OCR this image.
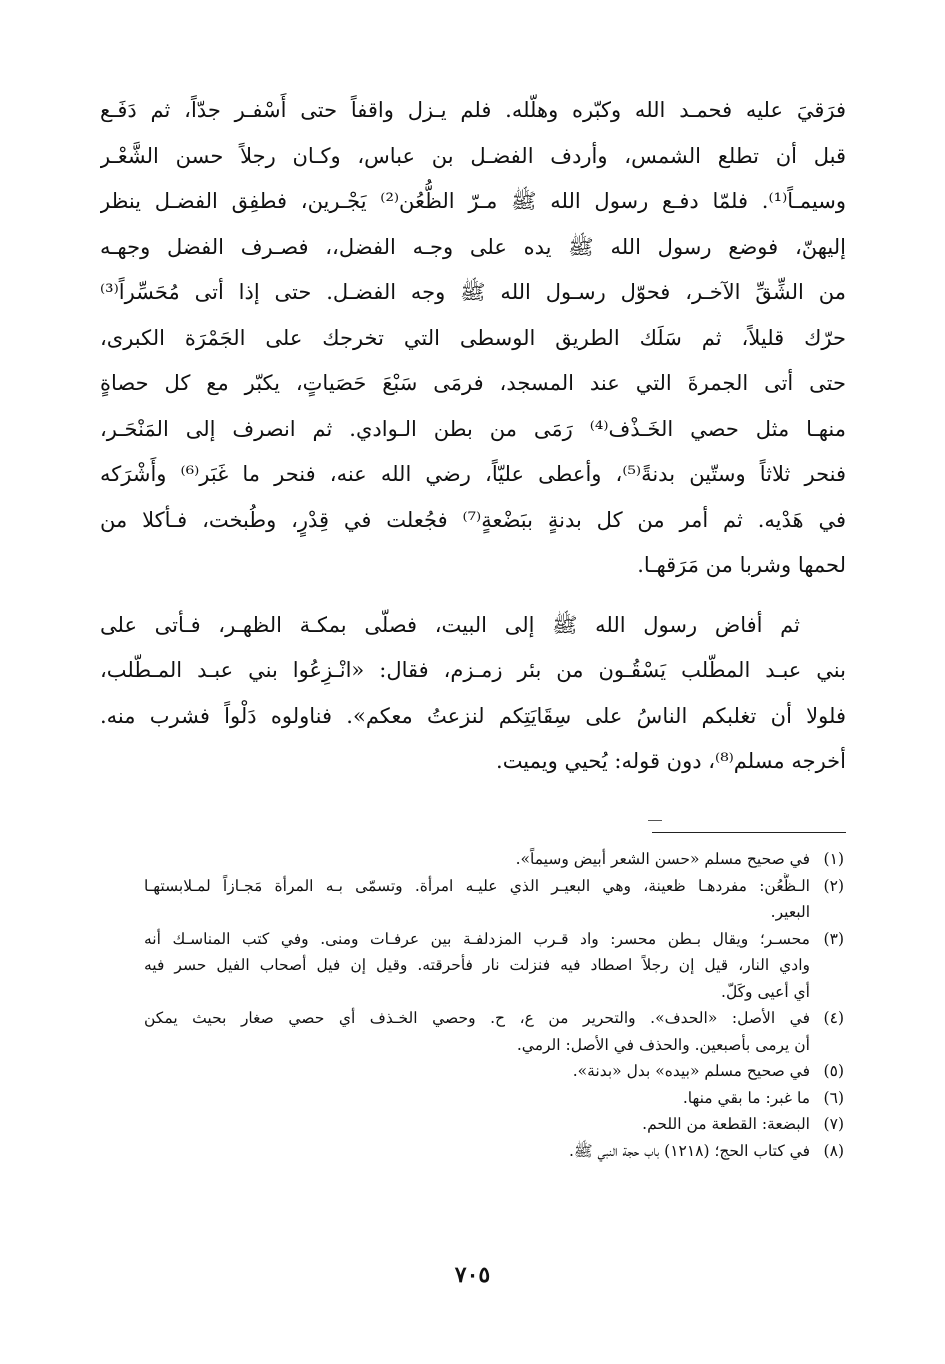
فرَقيَ عليه فحمـد الله وكبّره وهلّله. فلم يـزل واقفاً حتى أَسْفـر جدّاً، ثم دَفَـع
قبل أن تطلع الشمس، وأردف الفضـل بن عباس، وكـان رجلاً حسن الشَّعْـر
وسيمـاً⁽¹⁾. فلمّا دفـع رسول الله ﷺ مـرّ الظُّعُن⁽²⁾ يَجْـرين، فطفِق الفضـل ينظر
إليهنّ، فوضع رسول الله ﷺ يده على وجـه الفضل،، فصـرف الفضل وجهـه
من الشِّقِّ الآخـر، فحوّل رسـول الله ﷺ وجه الفضـل. حتى إذا أتى مُحَسِّراً⁽³⁾
حرّك قليلاً، ثم سَلَك الطريق الوسطى التي تخرجك على الجَمْرَة الكبرى،
حتى أتى الجمرةَ التي عند المسجد، فرمَى سَبْعَ حَصَياتٍ، يكبّر مع كل حصاةٍ
منهـا مثل حصي الخَـذْف⁽⁴⁾ رَمَى من بطن الـوادي. ثم انصرف إلى المَنْحَـر،
فنحر ثلاثاً وستّين بدنةً⁽⁵⁾، وأعطى عليّاً، رضي الله عنه، فنحر ما غَبَر⁽⁶⁾ وأَشْرَكه
في هَدْيه. ثم أمر من كل بدنةٍ ببَضْعةٍ⁽⁷⁾ فجُعلت في قِدْرٍ، وطُبخت، فـأكلا من
لحمها وشربا من مَرَقهـا.
ثم أفاض رسول الله ﷺ إلى البيت، فصلّى بمكـة الظهـر، فـأتى على
بني عبـد المطّلب يَسْقُـون من بئر زمـزم، فقال: «انْـزِعُوا بني عبـد المـطّلب،
فلولا أن تغلبكم الناسُ على سِقَايَتِكم لنزعتُ معكم». فناولوه دَلْواً فشرب منه.
أخرجه مسلم⁽⁸⁾، دون قوله: يُحيي ويميت.
(١)
في صحيح مسلم «حسن الشعر أبيض وسيماً».
(٢)
الـظُّعُن: مفردهـا ظعينة، وهي البعيـر الذي عليـه امرأة. وتسمّى بـه المرأة مَجـازاً لمـلابستهـا
البعير.
(٣)
محسـر؛ ويقال بـطن محسر: واد قـرب المزدلفـة بين عرفـات ومنى. وفي كتب المناسـك أنه
وادي النار، قيل إن رجلاً اصطاد فيه فنزلت نار فأحرقته. وقيل إن فيل أصحاب الفيل حسر فيه
أي أعيى وكَلّ.
(٤)
في الأصل: «الحدف». والتحرير من ع، ح. وحصي الخـذف أي حصي صغار بحيث يمكن
أن يرمى بأصبعين. والحذف في الأصل: الرمي.
(٥)
في صحيح مسلم «بيده» بدل «بدنة».
(٦)
ما غبر: ما بقي منها.
(٧)
البضعة: القطعة من اللحم.
(٨)
في كتاب الحج؛ (١٢١٨) باب حجة النبي ﷺ.
٧٠٥
